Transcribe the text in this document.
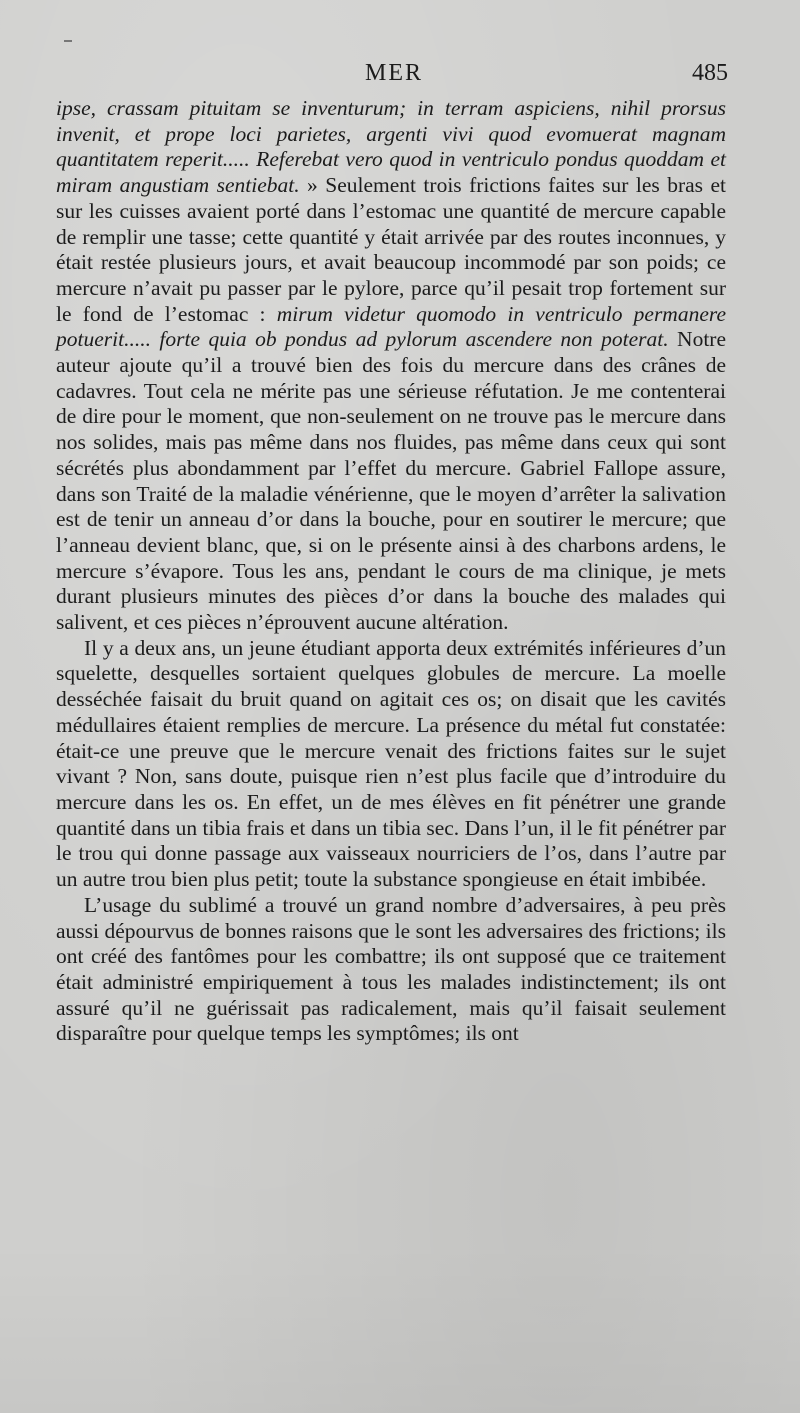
MER	485

ipse, crassam pituitam se inventurum; in terram aspiciens, nihil prorsus invenit, et prope loci parietes, argenti vivi quod evomuerat magnam quantitatem reperit..... Referebat vero quod in ventriculo pondus quoddam et miram angustiam sentiebat. » Seulement trois frictions faites sur les bras et sur les cuisses avaient porté dans l’estomac une quantité de mercure capable de remplir une tasse; cette quantité y était arrivée par des routes inconnues, y était restée plusieurs jours, et avait beaucoup incommodé par son poids; ce mercure n’avait pu passer par le pylore, parce qu’il pesait trop fortement sur le fond de l’estomac : mirum videtur quomodo in ventriculo permanere potuerit..... forte quia ob pondus ad pylorum ascendere non poterat. Notre auteur ajoute qu’il a trouvé bien des fois du mercure dans des crânes de cadavres. Tout cela ne mérite pas une sérieuse réfutation. Je me contenterai de dire pour le moment, que non-seulement on ne trouve pas le mercure dans nos solides, mais pas même dans nos fluides, pas même dans ceux qui sont sécrétés plus abondamment par l’effet du mercure. Gabriel Fallope assure, dans son Traité de la maladie vénérienne, que le moyen d’arrêter la salivation est de tenir un anneau d’or dans la bouche, pour en soutirer le mercure; que l’anneau devient blanc, que, si on le présente ainsi à des charbons ardens, le mercure s’évapore. Tous les ans, pendant le cours de ma clinique, je mets durant plusieurs minutes des pièces d’or dans la bouche des malades qui salivent, et ces pièces n’éprouvent aucune altération.

Il y a deux ans, un jeune étudiant apporta deux extrémités inférieures d’un squelette, desquelles sortaient quelques globules de mercure. La moelle desséchée faisait du bruit quand on agitait ces os; on disait que les cavités médullaires étaient remplies de mercure. La présence du métal fut constatée: était-ce une preuve que le mercure venait des frictions faites sur le sujet vivant ? Non, sans doute, puisque rien n’est plus facile que d’introduire du mercure dans les os. En effet, un de mes élèves en fit pénétrer une grande quantité dans un tibia frais et dans un tibia sec. Dans l’un, il le fit pénétrer par le trou qui donne passage aux vaisseaux nourriciers de l’os, dans l’autre par un autre trou bien plus petit; toute la substance spongieuse en était imbibée.

L’usage du sublimé a trouvé un grand nombre d’adversaires, à peu près aussi dépourvus de bonnes raisons que le sont les adversaires des frictions; ils ont créé des fantômes pour les combattre; ils ont supposé que ce traitement était administré empiriquement à tous les malades indistinctement; ils ont assuré qu’il ne guérissait pas radicalement, mais qu’il faisait seulement disparaître pour quelque temps les symptômes; ils ont
